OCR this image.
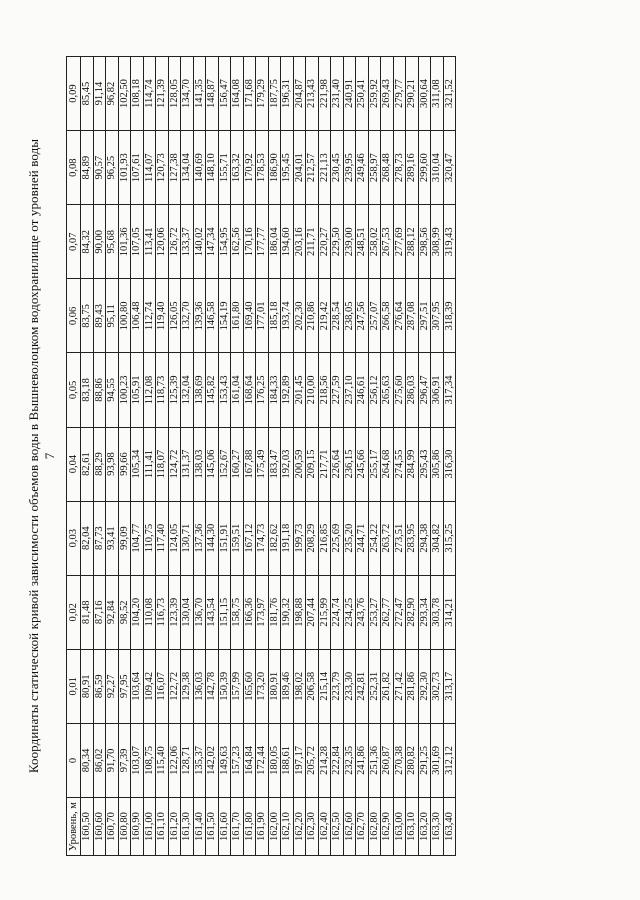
Координаты статической кривой зависимости объемов воды в Вышневолоцком водохранилище от уровней воды 7
Уровень, м	0	0,01	0,02	0,03	0,04	0,05	0,06	0,07	0,08	0,09
160,50	80,34	80,91	81,48	82,04	82,61	83,18	83,75	84,32	84,89	85,45
160,60	86,02	86,59	87,16	87,73	88,29	88,86	89,43	90,00	90,57	91,14
160,70	91,70	92,27	92,84	93,41	93,98	94,55	95,11	95,68	96,25	96,82
160,80	97,39	97,95	98,52	99,09	99,66	100,23	100,80	101,36	101,93	102,50
160,90	103,07	103,64	104,20	104,77	105,34	105,91	106,48	107,05	107,61	108,18
161,00	108,75	109,42	110,08	110,75	111,41	112,08	112,74	113,41	114,07	114,74
161,10	115,40	116,07	116,73	117,40	118,07	118,73	119,40	120,06	120,73	121,39
161,20	122,06	122,72	123,39	124,05	124,72	125,39	126,05	126,72	127,38	128,05
161,30	128,71	129,38	130,04	130,71	131,37	132,04	132,70	133,37	134,04	134,70
161,40	135,37	136,03	136,70	137,36	138,03	138,69	139,36	140,02	140,69	141,35
161,50	142,02	142,78	143,54	144,30	145,06	145,82	146,58	147,34	148,10	148,87
161,60	149,63	150,39	151,15	151,91	152,67	153,43	154,19	154,95	155,71	156,47
161,70	157,23	157,99	158,75	159,51	160,27	161,04	161,80	162,56	163,32	164,08
161,80	164,84	165,60	166,36	167,12	167,88	168,64	169,40	170,16	170,92	171,68
161,90	172,44	173,20	173,97	174,73	175,49	176,25	177,01	177,77	178,53	179,29
162,00	180,05	180,91	181,76	182,62	183,47	184,33	185,18	186,04	186,90	187,75
162,10	188,61	189,46	190,32	191,18	192,03	192,89	193,74	194,60	195,45	196,31
162,20	197,17	198,02	198,88	199,73	200,59	201,45	202,30	203,16	204,01	204,87
162,30	205,72	206,58	207,44	208,29	209,15	210,00	210,86	211,71	212,57	213,43
162,40	214,28	215,14	215,99	216,85	217,71	218,56	219,42	220,27	221,13	221,98
162,50	222,84	223,79	224,74	225,69	226,64	227,59	228,54	229,50	230,45	231,40
162,60	232,35	233,30	234,25	235,20	236,15	237,10	238,05	239,00	239,95	240,91
162,70	241,86	242,81	243,76	244,71	245,66	246,61	247,56	248,51	249,46	250,41
162,80	251,36	252,31	253,27	254,22	255,17	256,12	257,07	258,02	258,97	259,92
162,90	260,87	261,82	262,77	263,72	264,68	265,63	266,58	267,53	268,48	269,43
163,00	270,38	271,42	272,47	273,51	274,55	275,60	276,64	277,69	278,73	279,77
163,10	280,82	281,86	282,90	283,95	284,99	286,03	287,08	288,12	289,16	290,21
163,20	291,25	292,30	293,34	294,38	295,43	296,47	297,51	298,56	299,60	300,64
163,30	301,69	302,73	303,78	304,82	305,86	306,91	307,95	308,99	310,04	311,08
163,40	312,12	313,17	314,21	315,25	316,30	317,34	318,39	319,43	320,47	321,52
